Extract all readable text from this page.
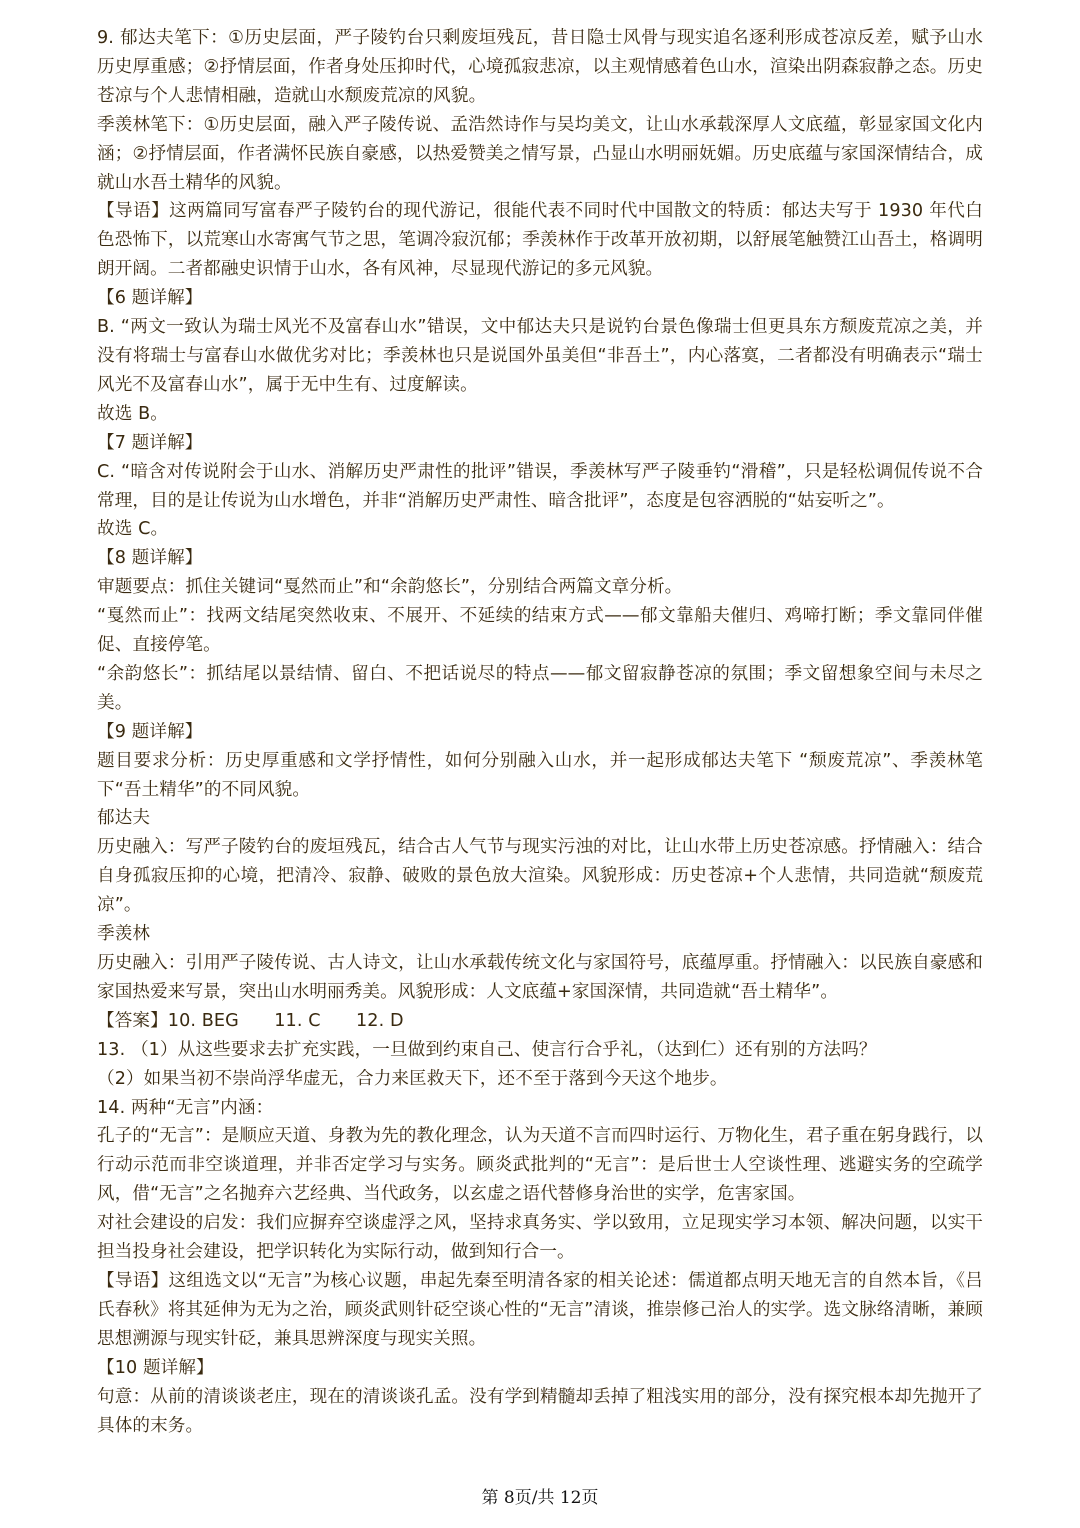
9. 郁达夫笔下：①历史层面，严子陵钓台只剩废垣残瓦，昔日隐士风骨与现实追名逐利形成苍凉反差，赋予山水历史厚重感；②抒情层面，作者身处压抑时代，心境孤寂悲凉，以主观情感着色山水，渲染出阴森寂静之态。历史苍凉与个人悲情相融，造就山水颓废荒凉的风貌。

季羡林笔下：①历史层面，融入严子陵传说、孟浩然诗作与吴均美文，让山水承载深厚人文底蕴，彰显家国文化内涵；②抒情层面，作者满怀民族自豪感，以热爱赞美之情写景，凸显山水明丽妩媚。历史底蕴与家国深情结合，成就山水吾土精华的风貌。

【导语】这两篇同写富春严子陵钓台的现代游记，很能代表不同时代中国散文的特质：郁达夫写于 1930 年代白色恐怖下，以荒寒山水寄寓气节之思，笔调冷寂沉郁；季羡林作于改革开放初期，以舒展笔触赞江山吾土，格调明朗开阔。二者都融史识情于山水，各有风神，尽显现代游记的多元风貌。

【6 题详解】

B. “两文一致认为瑞士风光不及富春山水”错误，文中郁达夫只是说钓台景色像瑞士但更具东方颓废荒凉之美，并没有将瑞士与富春山水做优劣对比；季羡林也只是说国外虽美但“非吾土”，内心落寞，二者都没有明确表示“瑞士风光不及富春山水”，属于无中生有、过度解读。

故选 B。

【7 题详解】

C. “暗含对传说附会于山水、消解历史严肃性的批评”错误，季羡林写严子陵垂钓“滑稽”，只是轻松调侃传说不合常理，目的是让传说为山水增色，并非“消解历史严肃性、暗含批评”，态度是包容洒脱的“姑妄听之”。

故选 C。

【8 题详解】

审题要点：抓住关键词“戛然而止”和“余韵悠长”，分别结合两篇文章分析。

“戛然而止”：找两文结尾突然收束、不展开、不延续的结束方式——郁文靠船夫催归、鸡啼打断；季文靠同伴催促、直接停笔。

“余韵悠长”：抓结尾以景结情、留白、不把话说尽的特点——郁文留寂静苍凉的氛围；季文留想象空间与未尽之美。

【9 题详解】

题目要求分析：历史厚重感和文学抒情性，如何分别融入山水，并一起形成郁达夫笔下 “颓废荒凉”、季羡林笔下“吾土精华”的不同风貌。

郁达夫

历史融入：写严子陵钓台的废垣残瓦，结合古人气节与现实污浊的对比，让山水带上历史苍凉感。抒情融入：结合自身孤寂压抑的心境，把清冷、寂静、破败的景色放大渲染。风貌形成：历史苍凉+个人悲情，共同造就“颓废荒凉”。

季羡林

历史融入：引用严子陵传说、古人诗文，让山水承载传统文化与家国符号，底蕴厚重。抒情融入：以民族自豪感和家国热爱来写景，突出山水明丽秀美。风貌形成：人文底蕴+家国深情，共同造就“吾土精华”。

【答案】10. BEG　　11. C　　12. D

13. （1）从这些要求去扩充实践，一旦做到约束自己、使言行合乎礼，（达到仁）还有别的方法吗？

（2）如果当初不崇尚浮华虚无，合力来匡救天下，还不至于落到今天这个地步。

14. 两种“无言”内涵：

孔子的“无言”：是顺应天道、身教为先的教化理念，认为天道不言而四时运行、万物化生，君子重在躬身践行，以行动示范而非空谈道理，并非否定学习与实务。顾炎武批判的“无言”：是后世士人空谈性理、逃避实务的空疏学风，借“无言”之名抛弃六艺经典、当代政务，以玄虚之语代替修身治世的实学，危害家国。

对社会建设的启发：我们应摒弃空谈虚浮之风，坚持求真务实、学以致用，立足现实学习本领、解决问题，以实干担当投身社会建设，把学识转化为实际行动，做到知行合一。

【导语】这组选文以“无言”为核心议题，串起先秦至明清各家的相关论述：儒道都点明天地无言的自然本旨，《吕氏春秋》将其延伸为无为之治，顾炎武则针砭空谈心性的“无言”清谈，推崇修己治人的实学。选文脉络清晰，兼顾思想溯源与现实针砭，兼具思辨深度与现实关照。

【10 题详解】

句意：从前的清谈谈老庄，现在的清谈谈孔孟。没有学到精髓却丢掉了粗浅实用的部分，没有探究根本却先抛开了具体的末务。

第 8页/共 12页
